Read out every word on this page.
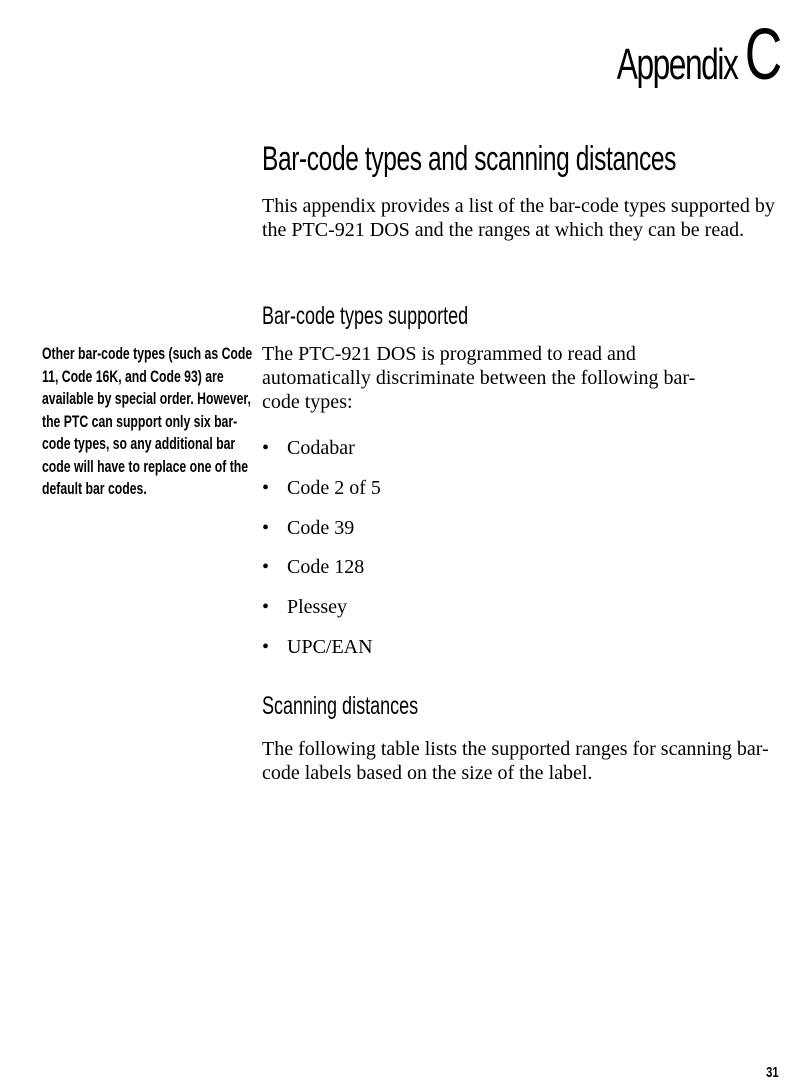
Appendix C
Bar-code types and scanning distances

This appendix provides a list of the bar-code types supported by the PTC-921 DOS and the ranges at which they can be read.

Bar-code types supported

The PTC-921 DOS is programmed to read and automatically discriminate between the following bar-code types:

Other bar-code types (such as Code 11, Code 16K, and Code 93) are available by special order. However, the PTC can support only six bar-code types, so any additional bar code will have to replace one of the default bar codes.
• Codabar
• Code 2 of 5
• Code 39
• Code 128
• Plessey
• UPC/EAN
Scanning distances

The following table lists the supported ranges for scanning bar-code labels based on the size of the label.

31
